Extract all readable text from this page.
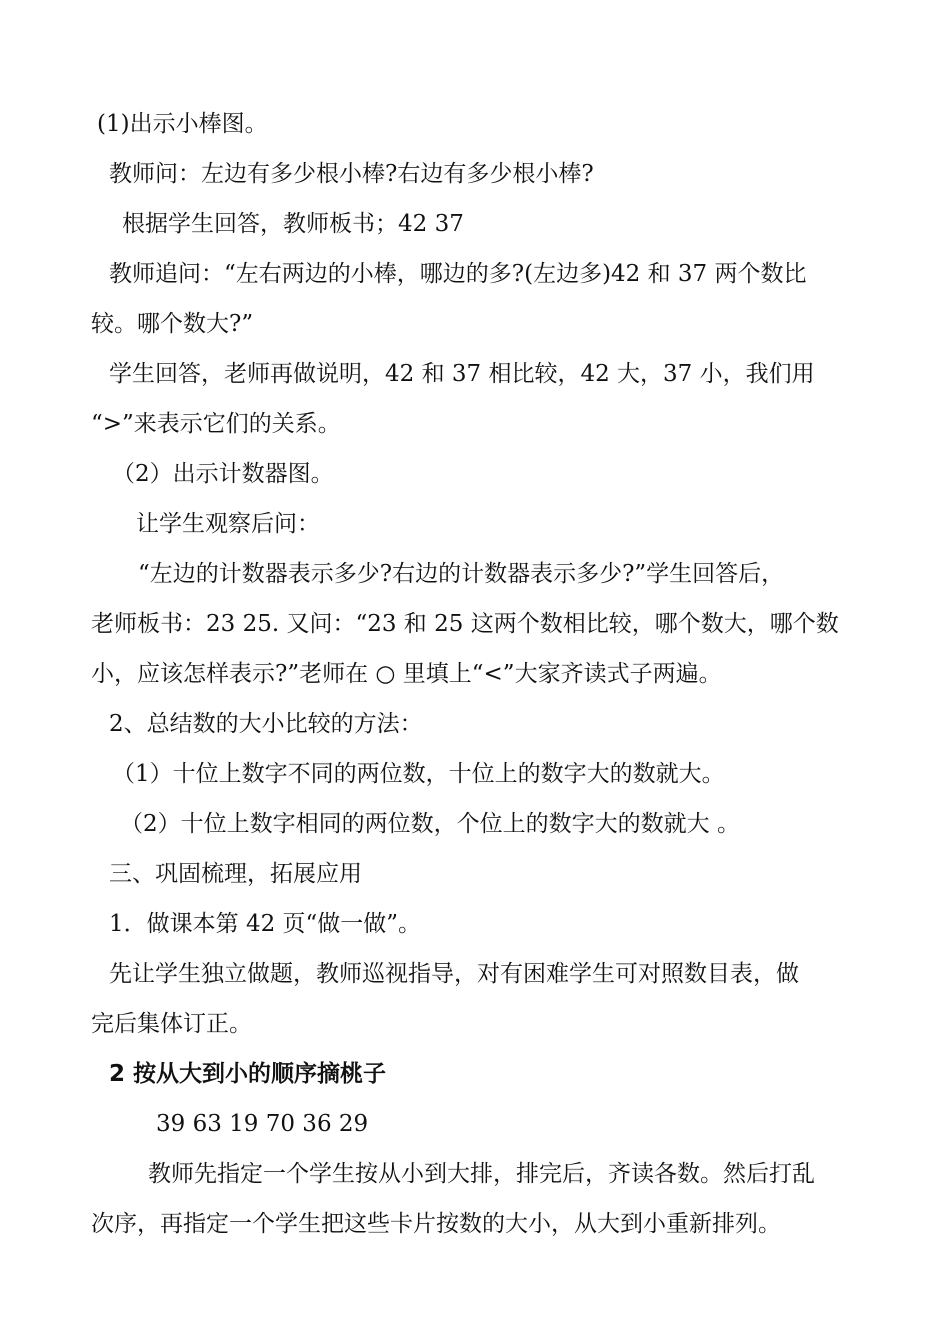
(1)出示小棒图。
教师问：左边有多少根小棒?右边有多少根小棒?
根据学生回答，教师板书；42 37
教师追问：“左右两边的小棒，哪边的多?(左边多)42 和 37 两个数比
较。哪个数大?”
学生回答，老师再做说明，42 和 37 相比较，42 大，37 小，我们用
“>”来表示它们的关系。
（2）出示计数器图。
让学生观察后问：
“左边的计数器表示多少?右边的计数器表示多少?”学生回答后，
老师板书：23 25. 又问：“23 和 25 这两个数相比较，哪个数大，哪个数
小，应该怎样表示?”老师在 ○ 里填上“<”大家齐读式子两遍。
2、总结数的大小比较的方法：
（1）十位上数字不同的两位数，十位上的数字大的数就大。
（2）十位上数字相同的两位数，个位上的数字大的数就大 。
三、巩固梳理，拓展应用
1．做课本第 42 页“做一做”。
先让学生独立做题，教师巡视指导，对有困难学生可对照数目表，做
完后集体订正。
2 按从大到小的顺序摘桃子
39 63 19 70 36 29
教师先指定一个学生按从小到大排，排完后，齐读各数。然后打乱
次序，再指定一个学生把这些卡片按数的大小，从大到小重新排列。
